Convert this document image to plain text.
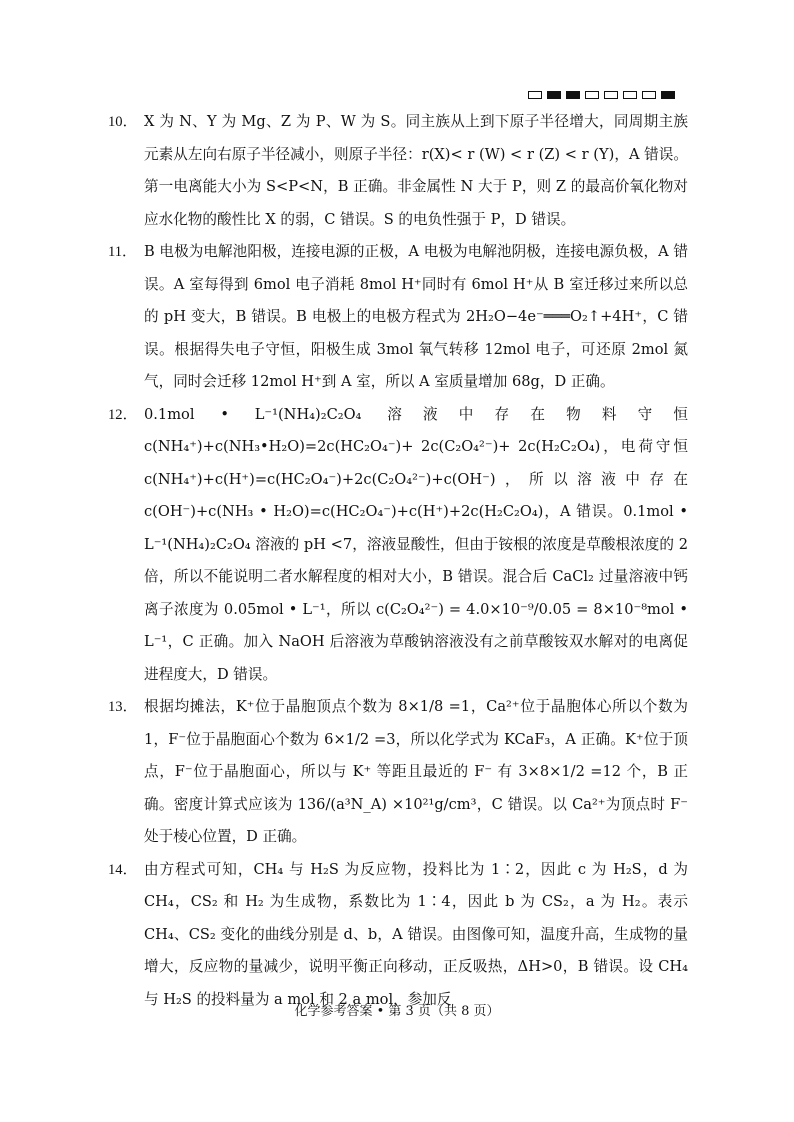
10． X 为 N、Y 为 Mg、Z 为 P、W 为 S。同主族从上到下原子半径增大，同周期主族元素从左向右原子半径减小，则原子半径：r(X)< r (W) < r (Z) < r (Y)，A 错误。第一电离能大小为 S<P<N，B 正确。非金属性 N 大于 P，则 Z 的最高价氧化物对应水化物的酸性比 X 的弱，C 错误。S 的电负性强于 P，D 错误。

11． B 电极为电解池阳极，连接电源的正极，A 电极为电解池阴极，连接电源负极，A 错误。A 室每得到 6mol 电子消耗 8mol H⁺同时有 6mol H⁺从 B 室迁移过来所以总的 pH 变大，B 错误。B 电极上的电极方程式为 2H₂O−4e⁻═══O₂↑+4H⁺，C 错误。根据得失电子守恒，阳极生成 3mol 氧气转移 12mol 电子，可还原 2mol 氮气，同时会迁移 12mol H⁺到 A 室，所以 A 室质量增加 68g，D 正确。

12． 0.1mol • L⁻¹(NH₄)₂C₂O₄ 溶液中存在物料守恒 c(NH₄⁺)+c(NH₃•H₂O)=2c(HC₂O₄⁻)+ 2c(C₂O₄²⁻)+ 2c(H₂C₂O₄)，电荷守恒 c(NH₄⁺)+c(H⁺)=c(HC₂O₄⁻)+2c(C₂O₄²⁻)+c(OH⁻)，所以溶液中存在 c(OH⁻)+c(NH₃ • H₂O)=c(HC₂O₄⁻)+c(H⁺)+2c(H₂C₂O₄)，A 错误。0.1mol • L⁻¹(NH₄)₂C₂O₄ 溶液的 pH <7，溶液显酸性，但由于铵根的浓度是草酸根浓度的 2 倍，所以不能说明二者水解程度的相对大小，B 错误。混合后 CaCl₂ 过量溶液中钙离子浓度为 0.05mol • L⁻¹，所以 c(C₂O₄²⁻) = 4.0×10⁻⁹/0.05 = 8×10⁻⁸mol • L⁻¹，C 正确。加入 NaOH 后溶液为草酸钠溶液没有之前草酸铵双水解对的电离促进程度大，D 错误。

13． 根据均摊法，K⁺位于晶胞顶点个数为 8×1/8 =1，Ca²⁺位于晶胞体心所以个数为 1，F⁻位于晶胞面心个数为 6×1/2 =3，所以化学式为 KCaF₃，A 正确。K⁺位于顶点，F⁻位于晶胞面心，所以与 K⁺ 等距且最近的 F⁻ 有 3×8×1/2 =12 个，B 正确。密度计算式应该为 136/(a³N_A) ×10²¹g/cm³，C 错误。以 Ca²⁺为顶点时 F⁻处于棱心位置，D 正确。

14． 由方程式可知，CH₄ 与 H₂S 为反应物，投料比为 1∶2，因此 c 为 H₂S，d 为 CH₄，CS₂ 和 H₂ 为生成物，系数比为 1∶4，因此 b 为 CS₂，a 为 H₂。表示 CH₄、CS₂ 变化的曲线分别是 d、b，A 错误。由图像可知，温度升高，生成物的量增大，反应物的量减少，说明平衡正向移动，正反吸热，ΔH>0，B 错误。设 CH₄ 与 H₂S 的投料量为 a mol 和 2 a mol，参加反

化学参考答案 • 第 3 页（共 8 页）
